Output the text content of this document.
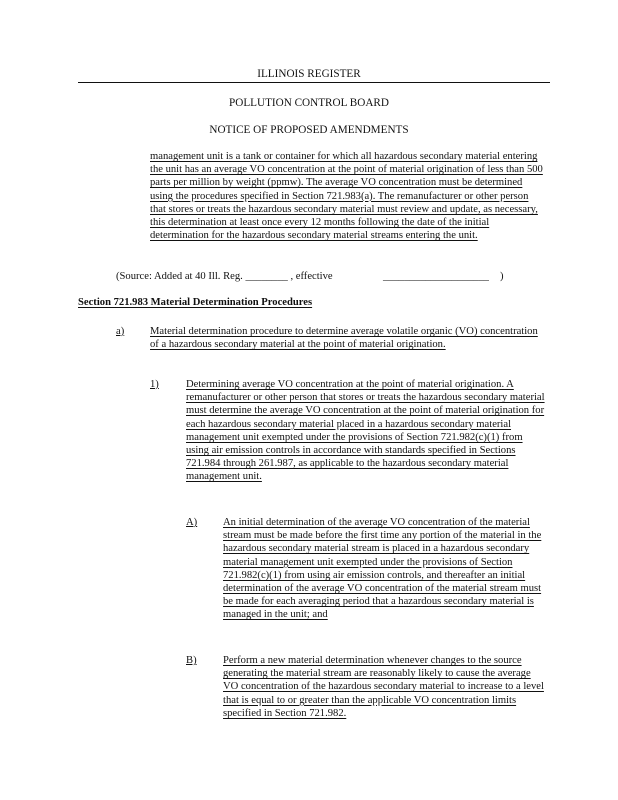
ILLINOIS REGISTER
POLLUTION CONTROL BOARD
NOTICE OF PROPOSED AMENDMENTS
management unit is a tank or container for which all hazardous secondary material entering the unit has an average VO concentration at the point of material origination of less than 500 parts per million by weight (ppmw). The average VO concentration must be determined using the procedures specified in Section 721.983(a). The remanufacturer or other person that stores or treats the hazardous secondary material must review and update, as necessary, this determination at least once every 12 months following the date of the initial determination for the hazardous secondary material streams entering the unit.
(Source: Added at 40 Ill. Reg. ________ , effective	____________________ )
Section 721.983 Material Determination Procedures
a) Material determination procedure to determine average volatile organic (VO) concentration of a hazardous secondary material at the point of material origination.
1)	Determining average VO concentration at the point of material origination. A remanufacturer or other person that stores or treats the hazardous secondary material must determine the average VO concentration at the point of material origination for each hazardous secondary material placed in a hazardous secondary material management unit exempted under the provisions of Section 721.982(c)(1) from using air emission controls in accordance with standards specified in Sections 721.984 through 261.987, as applicable to the hazardous secondary material management unit.
A) An initial determination of the average VO concentration of the material stream must be made before the first time any portion of the material in the hazardous secondary material stream is placed in a hazardous secondary material management unit exempted under the provisions of Section 721.982(c)(1) from using air emission controls, and thereafter an initial determination of the average VO concentration of the material stream must be made for each averaging period that a hazardous secondary material is managed in the unit; and
B) Perform a new material determination whenever changes to the source generating the material stream are reasonably likely to cause the average VO concentration of the hazardous secondary material to increase to a level that is equal to or greater than the applicable VO concentration limits specified in Section 721.982.
